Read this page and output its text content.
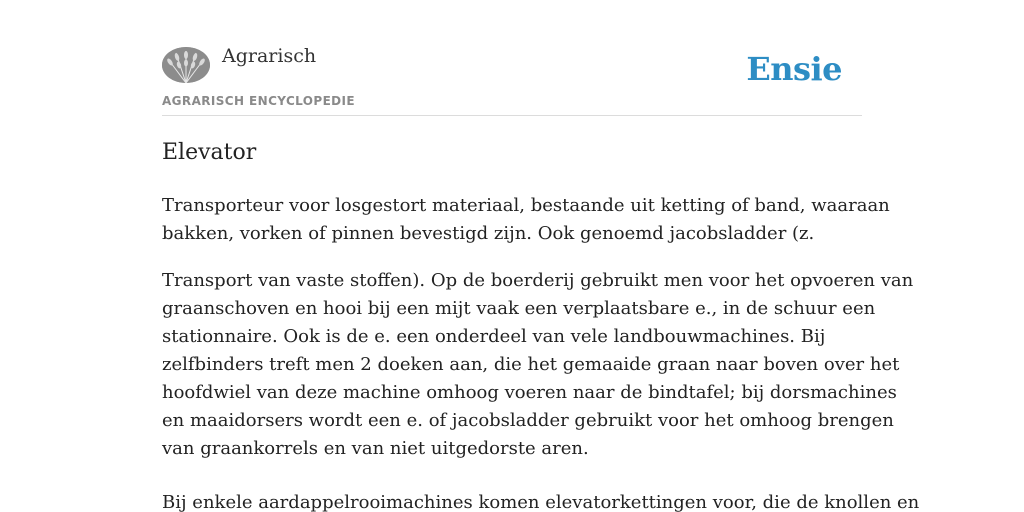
Agrarisch
AGRARISCH ENCYCLOPEDIE
Ensie
Elevator

Transporteur voor losgestort materiaal, bestaande uit ketting of band, waaraan
bakken, vorken of pinnen bevestigd zijn. Ook genoemd jacobsladder (z.

Transport van vaste stoffen). Op de boerderij gebruikt men voor het opvoeren van
graanschoven en hooi bij een mijt vaak een verplaatsbare e., in de schuur een
stationnaire. Ook is de e. een onderdeel van vele landbouwmachines. Bij
zelfbinders treft men 2 doeken aan, die het gemaaide graan naar boven over het
hoofdwiel van deze machine omhoog voeren naar de bindtafel; bij dorsmachines
en maaidorsers wordt een e. of jacobsladder gebruikt voor het omhoog brengen
van graankorrels en van niet uitgedorste aren.

Bij enkele aardappelrooimachines komen elevatorkettingen voor, die de knollen en
